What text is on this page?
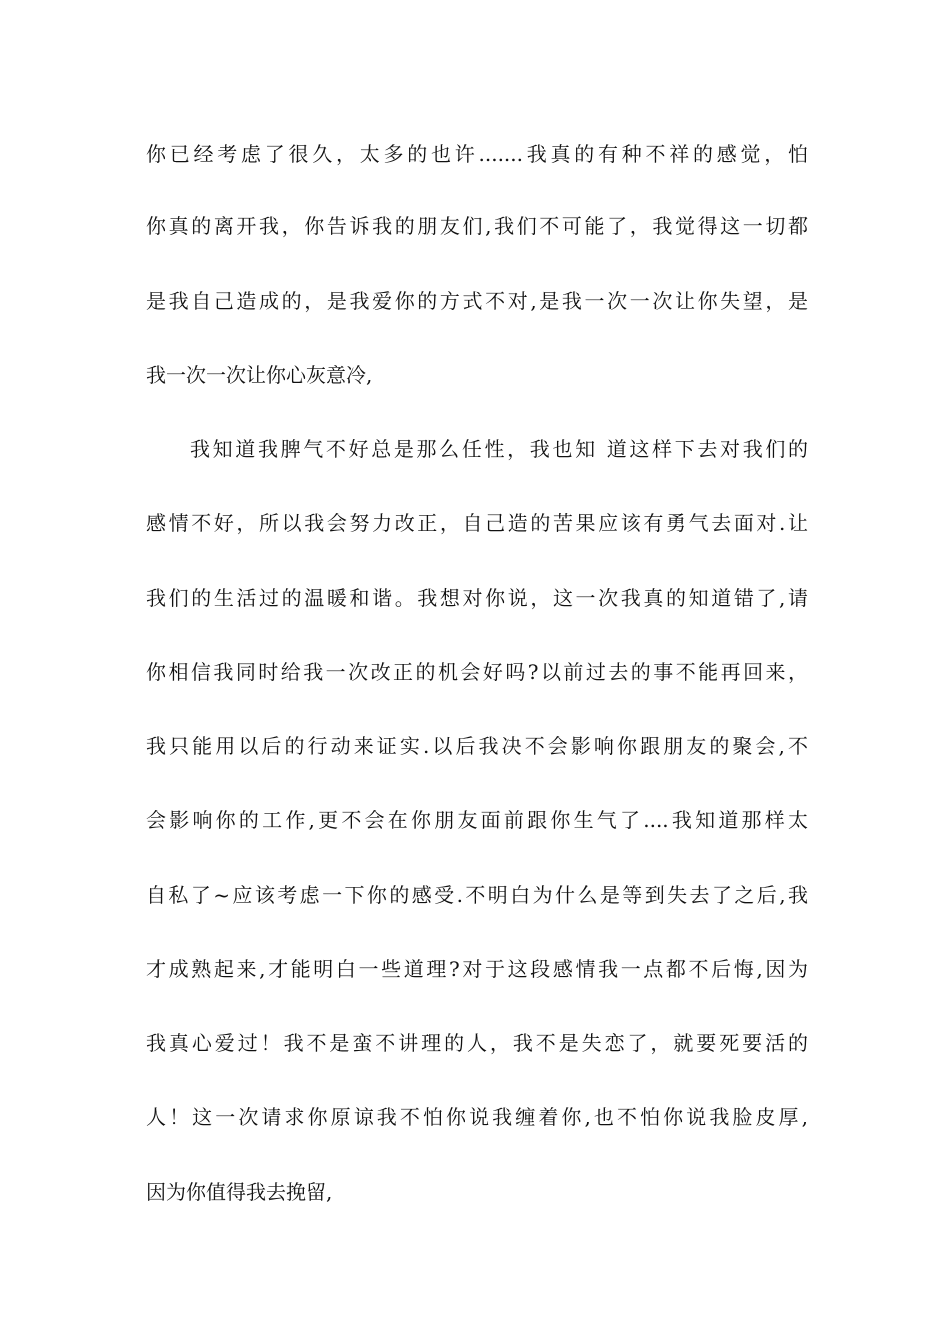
你已经考虑了很久，太多的也许.......我真的有种不祥的感觉，怕
你真的离开我，你告诉我的朋友们,我们不可能了，我觉得这一切都
是我自己造成的，是我爱你的方式不对,是我一次一次让你失望，是
我一次一次让你心灰意冷,
我知道我脾气不好总是那么任性，我也知 道这样下去对我们的
感情不好，所以我会努力改正，自己造的苦果应该有勇气去面对.让
我们的生活过的温暖和谐。我想对你说，这一次我真的知道错了,请
你相信我同时给我一次改正的机会好吗?以前过去的事不能再回来，
我只能用以后的行动来证实.以后我决不会影响你跟朋友的聚会,不
会影响你的工作,更不会在你朋友面前跟你生气了....我知道那样太
自私了~应该考虑一下你的感受.不明白为什么是等到失去了之后,我
才成熟起来,才能明白一些道理?对于这段感情我一点都不后悔,因为
我真心爱过！我不是蛮不讲理的人，我不是失恋了，就要死要活的
人！这一次请求你原谅我不怕你说我缠着你,也不怕你说我脸皮厚,
因为你值得我去挽留,
